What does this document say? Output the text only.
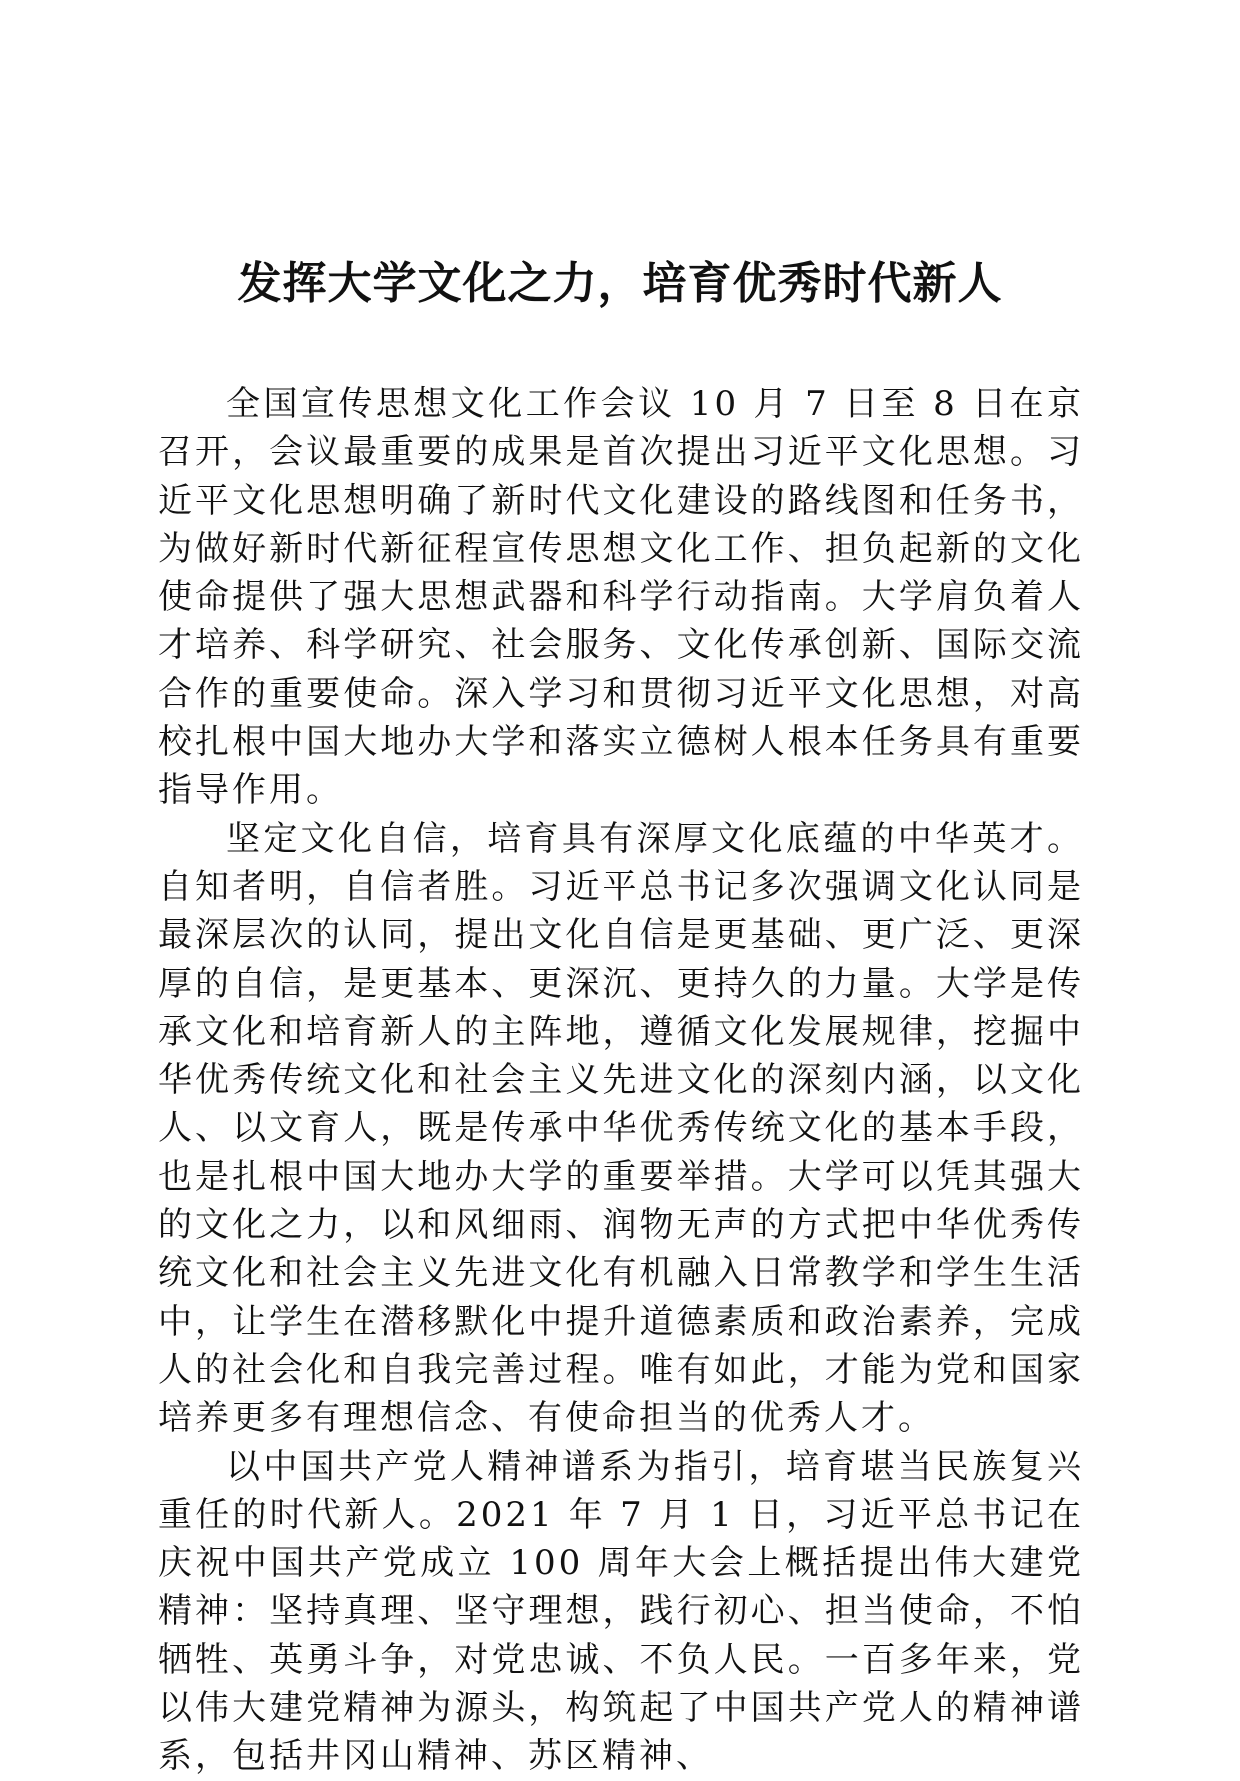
发挥大学文化之力，培育优秀时代新人

全国宣传思想文化工作会议 10 月 7 日至 8 日在京召开，会议最重要的成果是首次提出习近平文化思想。习近平文化思想明确了新时代文化建设的路线图和任务书，为做好新时代新征程宣传思想文化工作、担负起新的文化使命提供了强大思想武器和科学行动指南。大学肩负着人才培养、科学研究、社会服务、文化传承创新、国际交流合作的重要使命。深入学习和贯彻习近平文化思想，对高校扎根中国大地办大学和落实立德树人根本任务具有重要指导作用。

坚定文化自信，培育具有深厚文化底蕴的中华英才。自知者明，自信者胜。习近平总书记多次强调文化认同是最深层次的认同，提出文化自信是更基础、更广泛、更深厚的自信，是更基本、更深沉、更持久的力量。大学是传承文化和培育新人的主阵地，遵循文化发展规律，挖掘中华优秀传统文化和社会主义先进文化的深刻内涵，以文化人、以文育人，既是传承中华优秀传统文化的基本手段，也是扎根中国大地办大学的重要举措。大学可以凭其强大的文化之力，以和风细雨、润物无声的方式把中华优秀传统文化和社会主义先进文化有机融入日常教学和学生生活中，让学生在潜移默化中提升道德素质和政治素养，完成人的社会化和自我完善过程。唯有如此，才能为党和国家培养更多有理想信念、有使命担当的优秀人才。

以中国共产党人精神谱系为指引，培育堪当民族复兴重任的时代新人。2021 年 7 月 1 日，习近平总书记在庆祝中国共产党成立 100 周年大会上概括提出伟大建党精神：坚持真理、坚守理想，践行初心、担当使命，不怕牺牲、英勇斗争，对党忠诚、不负人民。一百多年来，党以伟大建党精神为源头，构筑起了中国共产党人的精神谱系，包括井冈山精神、苏区精神、
